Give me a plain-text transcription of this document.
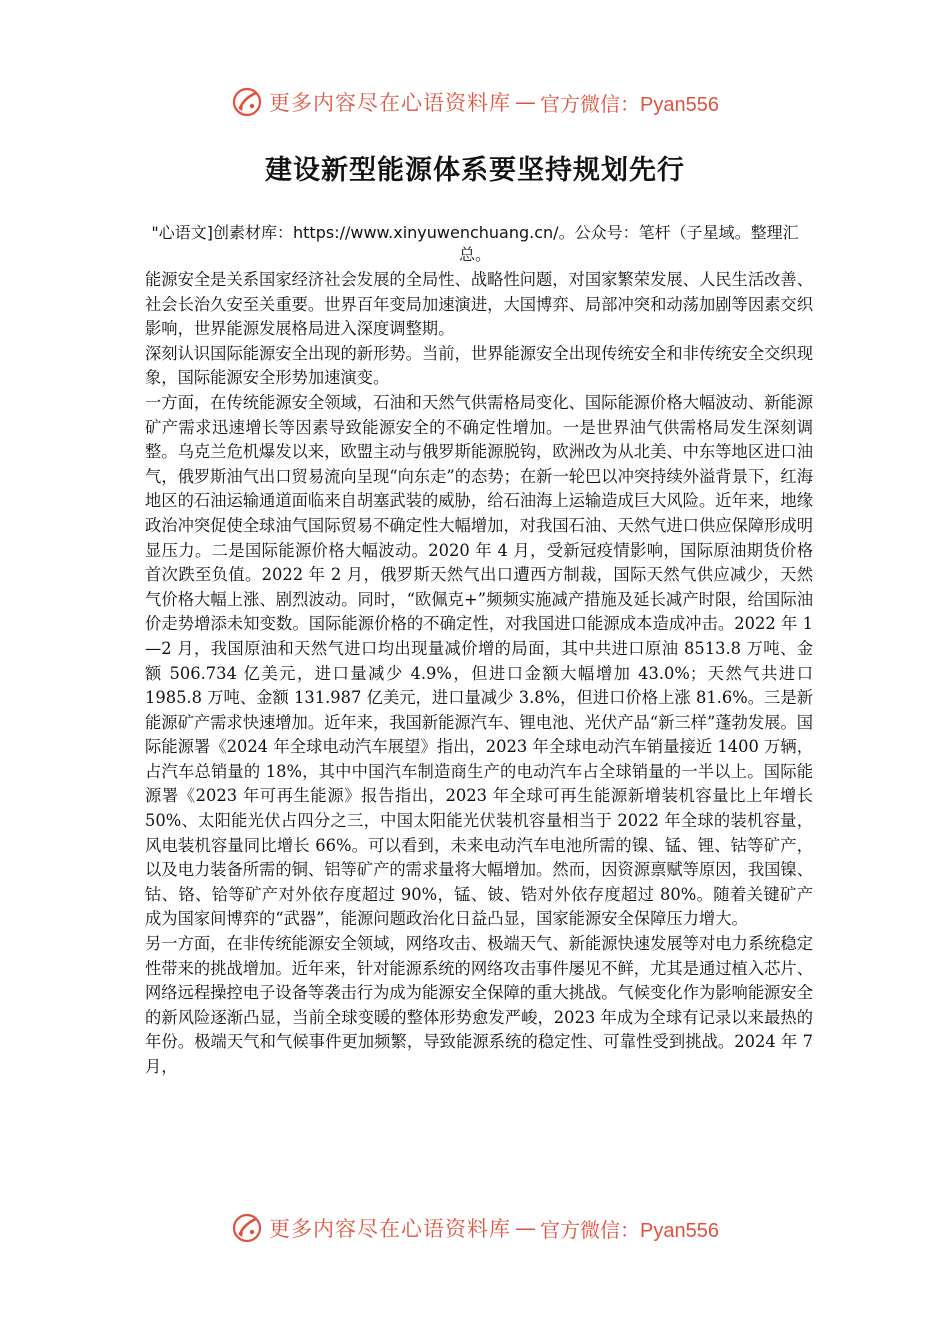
更多内容尽在心语资料库 — 官方微信：Pyan556
建设新型能源体系要坚持规划先行
"心语文]创素材库：https://www.xinyuwenchuang.cn/。公众号：笔杆（子星域。整理汇总。

能源安全是关系国家经济社会发展的全局性、战略性问题，对国家繁荣发展、人民生活改善、社会长治久安至关重要。世界百年变局加速演进，大国博弈、局部冲突和动荡加剧等因素交织影响，世界能源发展格局进入深度调整期。

深刻认识国际能源安全出现的新形势。当前，世界能源安全出现传统安全和非传统安全交织现象，国际能源安全形势加速演变。

一方面，在传统能源安全领域，石油和天然气供需格局变化、国际能源价格大幅波动、新能源矿产需求迅速增长等因素导致能源安全的不确定性增加。一是世界油气供需格局发生深刻调整。乌克兰危机爆发以来，欧盟主动与俄罗斯能源脱钩，欧洲改为从北美、中东等地区进口油气，俄罗斯油气出口贸易流向呈现“向东走”的态势；在新一轮巴以冲突持续外溢背景下，红海地区的石油运输通道面临来自胡塞武装的威胁，给石油海上运输造成巨大风险。近年来，地缘政治冲突促使全球油气国际贸易不确定性大幅增加，对我国石油、天然气进口供应保障形成明显压力。二是国际能源价格大幅波动。2020 年 4 月，受新冠疫情影响，国际原油期货价格首次跌至负值。2022 年 2 月，俄罗斯天然气出口遭西方制裁，国际天然气供应减少，天然气价格大幅上涨、剧烈波动。同时，“欧佩克+”频频实施减产措施及延长减产时限，给国际油价走势增添未知变数。国际能源价格的不确定性，对我国进口能源成本造成冲击。2022 年 1—2 月，我国原油和天然气进口均出现量减价增的局面，其中共进口原油 8513.8 万吨、金额 506.734 亿美元，进口量减少 4.9%，但进口金额大幅增加 43.0%；天然气共进口 1985.8 万吨、金额 131.987 亿美元，进口量减少 3.8%，但进口价格上涨 81.6%。三是新能源矿产需求快速增加。近年来，我国新能源汽车、锂电池、光伏产品“新三样”蓬勃发展。国际能源署《2024 年全球电动汽车展望》指出，2023 年全球电动汽车销量接近 1400 万辆，占汽车总销量的 18%，其中中国汽车制造商生产的电动汽车占全球销量的一半以上。国际能源署《2023 年可再生能源》报告指出，2023 年全球可再生能源新增装机容量比上年增长 50%、太阳能光伏占四分之三，中国太阳能光伏装机容量相当于 2022 年全球的装机容量，风电装机容量同比增长 66%。可以看到，未来电动汽车电池所需的镍、锰、锂、钴等矿产，以及电力装备所需的铜、铝等矿产的需求量将大幅增加。然而，因资源禀赋等原因，我国镍、钴、铬、铪等矿产对外依存度超过 90%，锰、铍、锆对外依存度超过 80%。随着关键矿产成为国家间博弈的“武器”，能源问题政治化日益凸显，国家能源安全保障压力增大。

另一方面，在非传统能源安全领域，网络攻击、极端天气、新能源快速发展等对电力系统稳定性带来的挑战增加。近年来，针对能源系统的网络攻击事件屡见不鲜，尤其是通过植入芯片、网络远程操控电子设备等袭击行为成为能源安全保障的重大挑战。气候变化作为影响能源安全的新风险逐渐凸显，当前全球变暖的整体形势愈发严峻，2023 年成为全球有记录以来最热的年份。极端天气和气候事件更加频繁，导致能源系统的稳定性、可靠性受到挑战。2024 年 7 月，

更多内容尽在心语资料库 — 官方微信：Pyan556
